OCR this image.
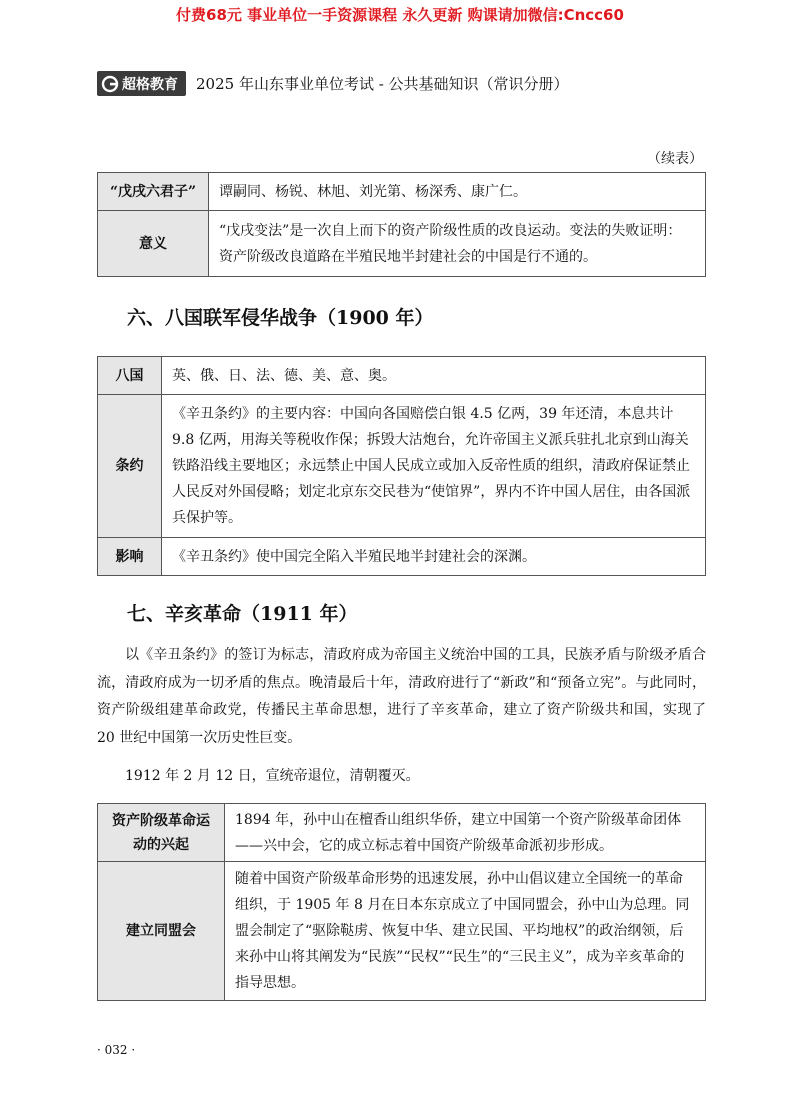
付费68元 事业单位一手资源课程 永久更新 购课请加微信:Cncc60
超格教育 2025 年山东事业单位考试 - 公共基础知识（常识分册）
（续表）
“戊戌六君子”	谭嗣同、杨锐、林旭、刘光第、杨深秀、康广仁。
意义	“戊戌变法”是一次自上而下的资产阶级性质的改良运动。变法的失败证明：资产阶级改良道路在半殖民地半封建社会的中国是行不通的。
六、八国联军侵华战争（1900 年）
八国	英、俄、日、法、德、美、意、奥。
条约	《辛丑条约》的主要内容：中国向各国赔偿白银 4.5 亿两，39 年还清，本息共计 9.8 亿两，用海关等税收作保；拆毁大沽炮台，允许帝国主义派兵驻扎北京到山海关铁路沿线主要地区；永远禁止中国人民成立或加入反帝性质的组织，清政府保证禁止人民反对外国侵略；划定北京东交民巷为“使馆界”，界内不许中国人居住，由各国派兵保护等。
影响	《辛丑条约》使中国完全陷入半殖民地半封建社会的深渊。
七、辛亥革命（1911 年）

以《辛丑条约》的签订为标志，清政府成为帝国主义统治中国的工具，民族矛盾与阶级矛盾合流，清政府成为一切矛盾的焦点。晚清最后十年，清政府进行了“新政”和“预备立宪”。与此同时，资产阶级组建革命政党，传播民主革命思想，进行了辛亥革命，建立了资产阶级共和国，实现了 20 世纪中国第一次历史性巨变。

1912 年 2 月 12 日，宣统帝退位，清朝覆灭。

资产阶级革命运动的兴起	1894 年，孙中山在檀香山组织华侨，建立中国第一个资产阶级革命团体——兴中会，它的成立标志着中国资产阶级革命派初步形成。
建立同盟会	随着中国资产阶级革命形势的迅速发展，孙中山倡议建立全国统一的革命组织，于 1905 年 8 月在日本东京成立了中国同盟会，孙中山为总理。同盟会制定了“驱除鞑虏、恢复中华、建立民国、平均地权”的政治纲领，后来孙中山将其阐发为“民族”“民权”“民生”的“三民主义”，成为辛亥革命的指导思想。
· 032 ·
